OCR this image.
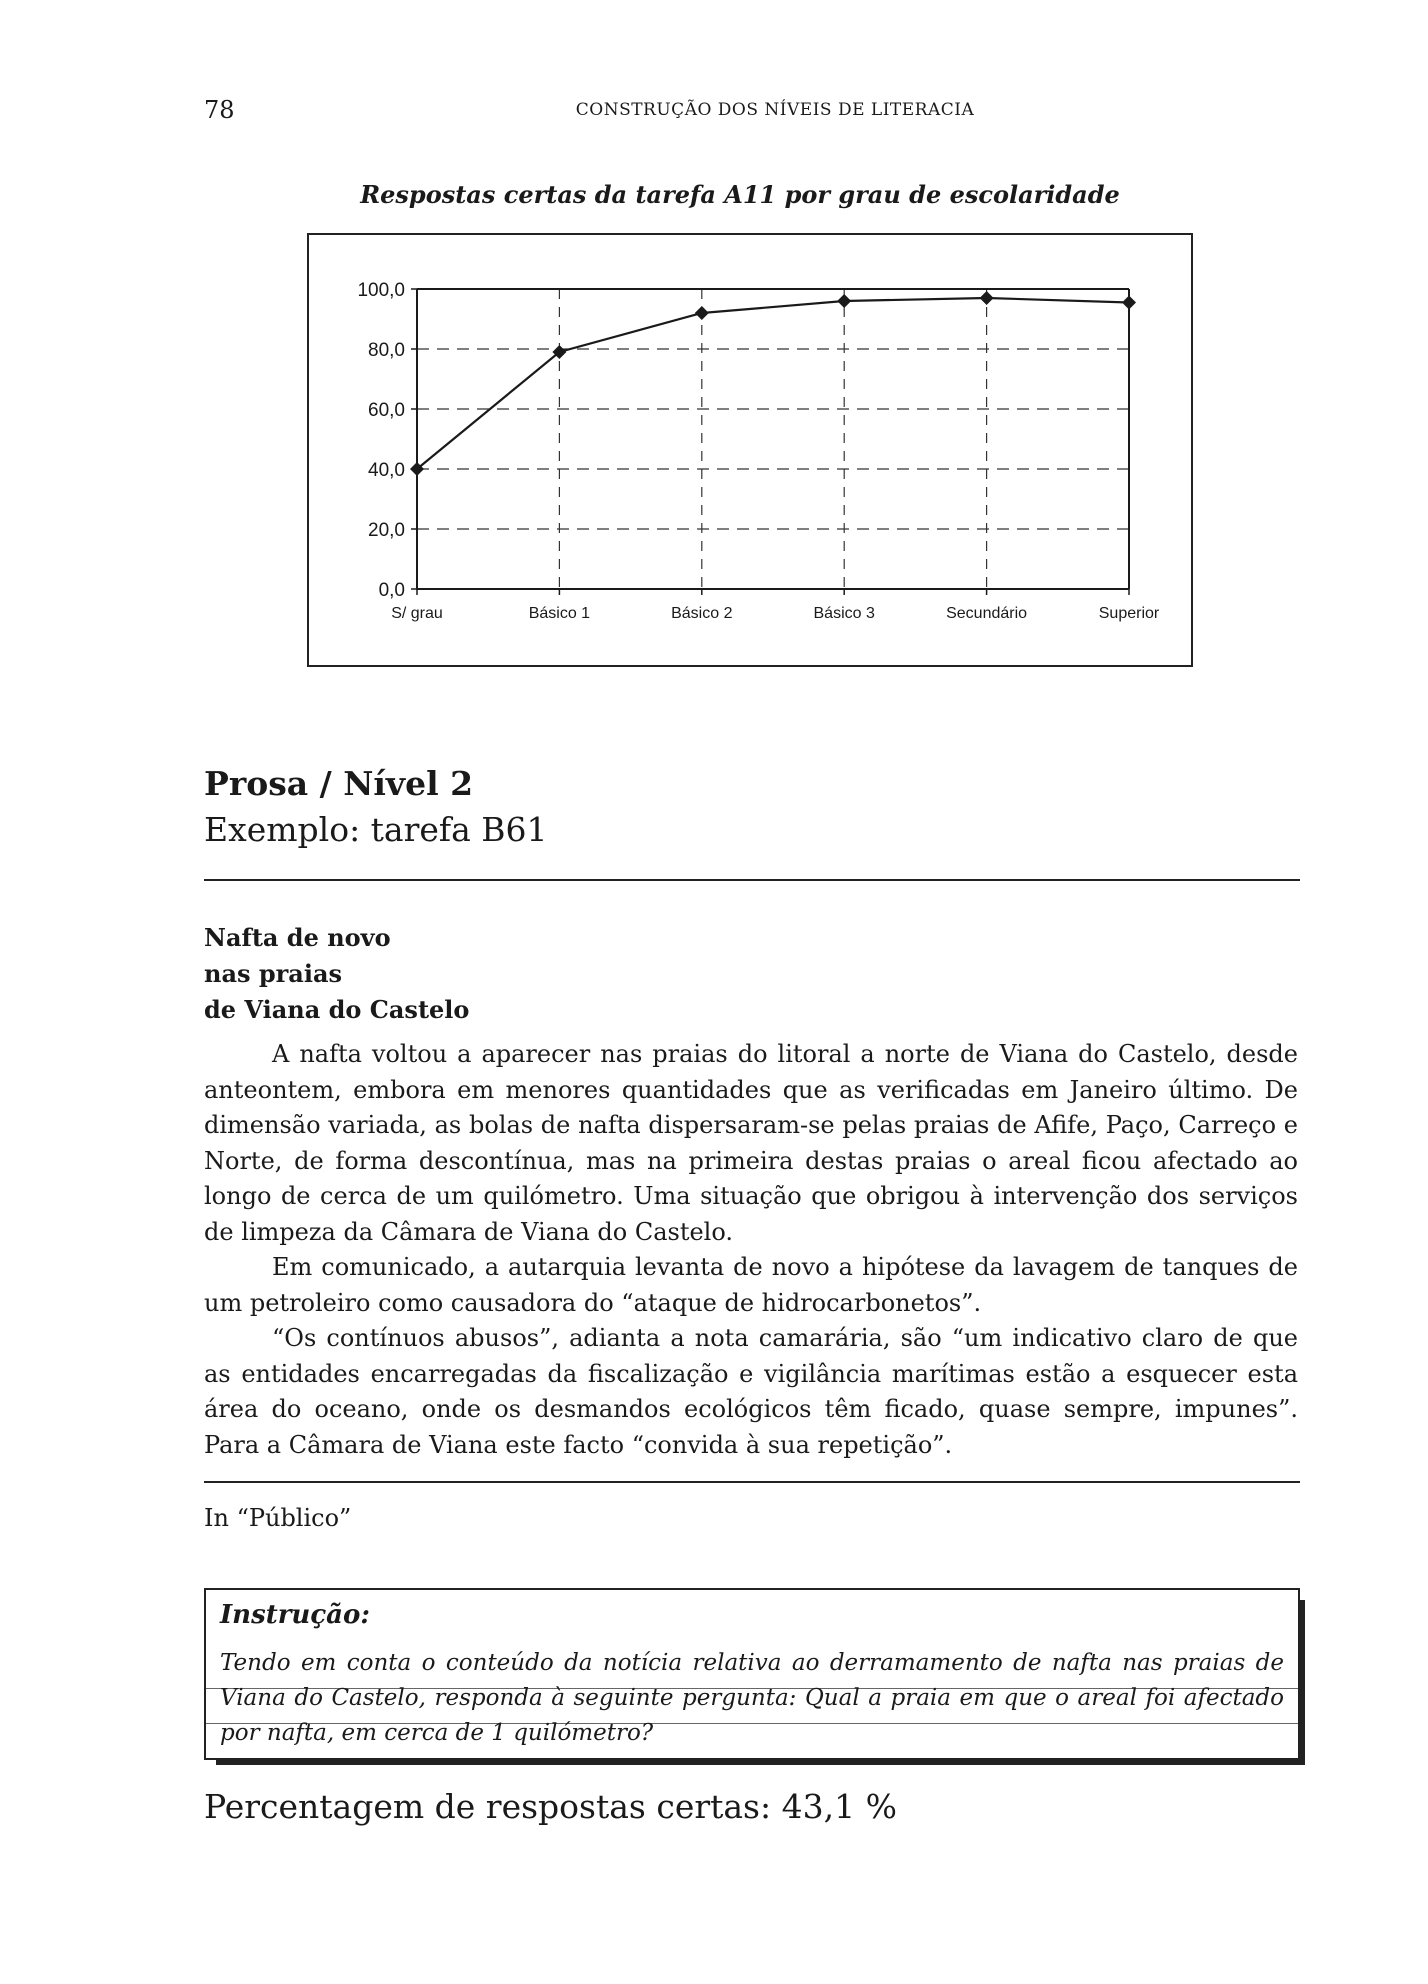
78	CONSTRUÇÃO DOS NÍVEIS DE LITERACIA
Respostas certas da tarefa A11 por grau de escolaridade
0,0
20,0
40,0
60,0
80,0
100,0
S/ grau	Básico 1	Básico 2	Básico 3	Secundário	Superior
Prosa / Nível 2
Exemplo: tarefa B61
Nafta de novo
nas praias
de Viana do Castelo

A nafta voltou a aparecer nas praias do litoral a norte de Viana do Castelo, desde anteontem, embora em menores quantidades que as verificadas em Janeiro último. De dimensão variada, as bolas de nafta dispersaram-se pelas praias de Afife, Paço, Carreço e Norte, de forma descontínua, mas na primeira destas praias o areal ficou afectado ao longo de cerca de um quilómetro. Uma situação que obrigou à intervenção dos serviços de limpeza da Câmara de Viana do Castelo.

Em comunicado, a autarquia levanta de novo a hipótese da lavagem de tanques de um petroleiro como causadora do “ataque de hidrocarbonetos”.

“Os contínuos abusos”, adianta a nota camarária, são “um indicativo claro de que as entidades encarregadas da fiscalização e vigilância marítimas estão a esquecer esta área do oceano, onde os desmandos ecológicos têm ficado, quase sempre, impunes”. Para a Câmara de Viana este facto “convida à sua repetição”.

In “Público”
Instrução:
Tendo em conta o conteúdo da notícia relativa ao derramamento de nafta nas praias de Viana do Castelo, responda à seguinte pergunta: Qual a praia em que o areal foi afectado por nafta, em cerca de 1 quilómetro?
Percentagem de respostas certas: 43,1 %
